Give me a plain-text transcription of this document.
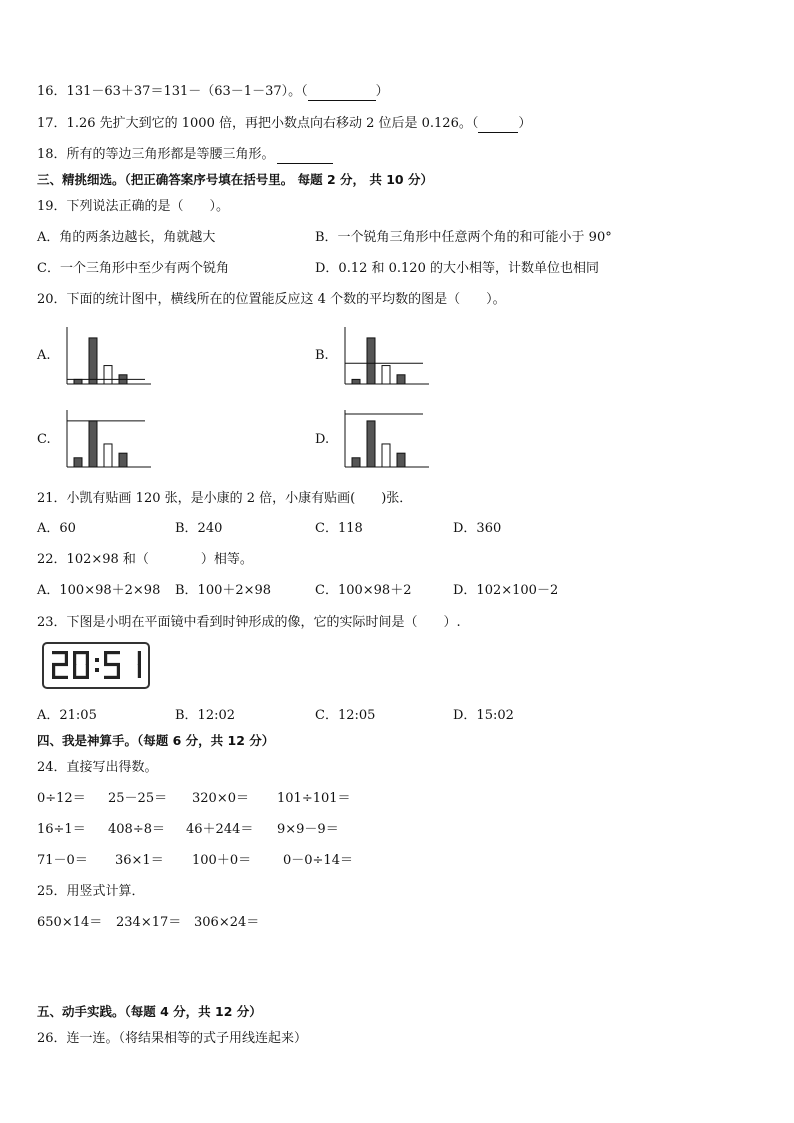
16．131－63＋37＝131－（63－1－37）。（	）
17．1.26 先扩大到它的 1000 倍，再把小数点向右移动 2 位后是 0.126。（	）
18．所有的等边三角形都是等腰三角形。
三、精挑细选。（把正确答案序号填在括号里。 每题 2 分， 共 10 分）
19．下列说法正确的是（　　）。
A．角的两条边越长，角就越大	B．一个锐角三角形中任意两个角的和可能小于 90°
C．一个三角形中至少有两个锐角	D．0.12 和 0.120 的大小相等，计数单位也相同
20．下面的统计图中，横线所在的位置能反应这 4 个数的平均数的图是（　　）。
A.	B.
C.	D.
21．小凯有贴画 120 张，是小康的 2 倍，小康有贴画(　　)张．
A．60	B．240	C．118	D．360
22．102×98 和（　　　　）相等。
A．100×98＋2×98 B．100＋2×98	C．100×98＋2	D．102×100－2
23．下图是小明在平面镜中看到时钟形成的像，它的实际时间是（　　）.
A．21:05	B．12:02	C．12:05	D．15:02
四、我是神算手。（每题 6 分，共 12 分）
24．直接写出得数。
0÷12＝ 25－25＝ 320×0＝ 101÷101＝
16÷1＝ 408÷8＝ 46＋244＝ 9×9－9＝
71－0＝ 36×1＝ 100＋0＝ 0－0÷14＝
25．用竖式计算．
650×14＝ 234×17＝ 306×24＝
五、动手实践。（每题 4 分，共 12 分）
26．连一连。（将结果相等的式子用线连起来）
